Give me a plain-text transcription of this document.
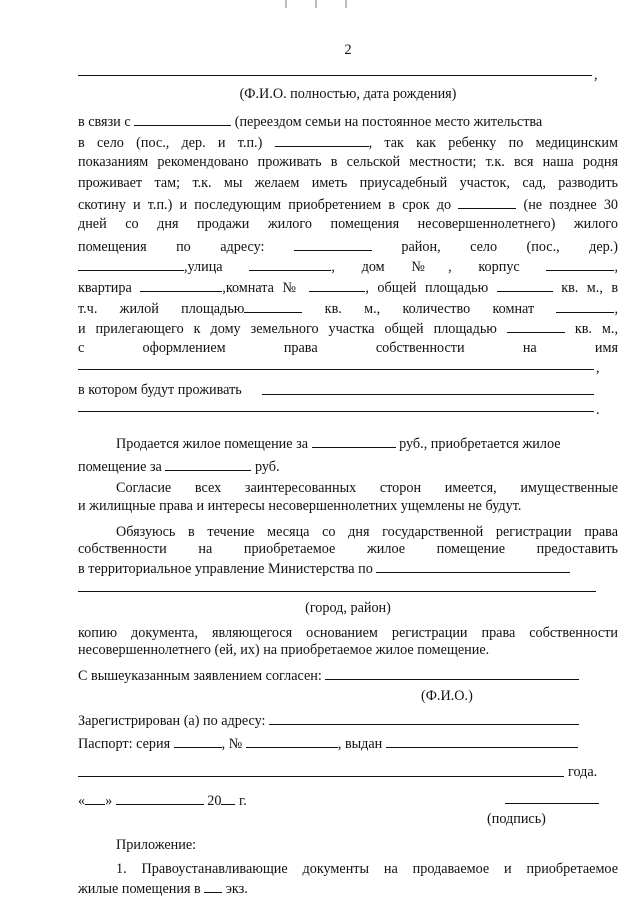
2
,
(Ф.И.О. полностью, дата рождения)
в связи с	(переездом семьи на постоянное место жительства
в село (пос., дер. и т.п.)	, так как ребенку по медицинским
показаниям рекомендовано проживать в сельской местности; т.к. вся наша родня
проживает там; т.к. мы желаем иметь приусадебный участок, сад, разводить
скотину и т.п.) и последующим приобретением в срок до	(не позднее 30
дней со дня продажи жилого помещения несовершеннолетнего) жилого
помещения по адресу:	район, село (пос., дер.)
,улица	, дом №, корпус	,
квартира	,комната №	, общей площадью	кв. м., в
т.ч. жилой площадью	кв. м., количество комнат	,
и прилегающего к дому земельного участка общей площадью	кв. м.,
с	оформлением	права	собственности	на	имя
,
в котором будут проживать
.
Продается жилое помещение за	руб., приобретается жилое
помещение за	руб.
Согласие всех заинтересованных сторон имеется, имущественные
и жилищные права и интересы несовершеннолетних ущемлены не будут.
Обязуюсь в течение месяца со дня государственной регистрации права
собственности на приобретаемое жилое помещение предоставить
в территориальное управление Министерства по
(город, район)
копию документа, являющегося основанием регистрации права собственности
несовершеннолетнего (ей, их) на приобретаемое жилое помещение.
С вышеуказанным заявлением согласен:
(Ф.И.О.)
Зарегистрирован (а) по адресу:
Паспорт: серия	, №	, выдан
года.
« »	20 г.
(подпись)
Приложение:
1. Правоустанавливающие документы на продаваемое и приобретаемое
жилые помещения в экз.
